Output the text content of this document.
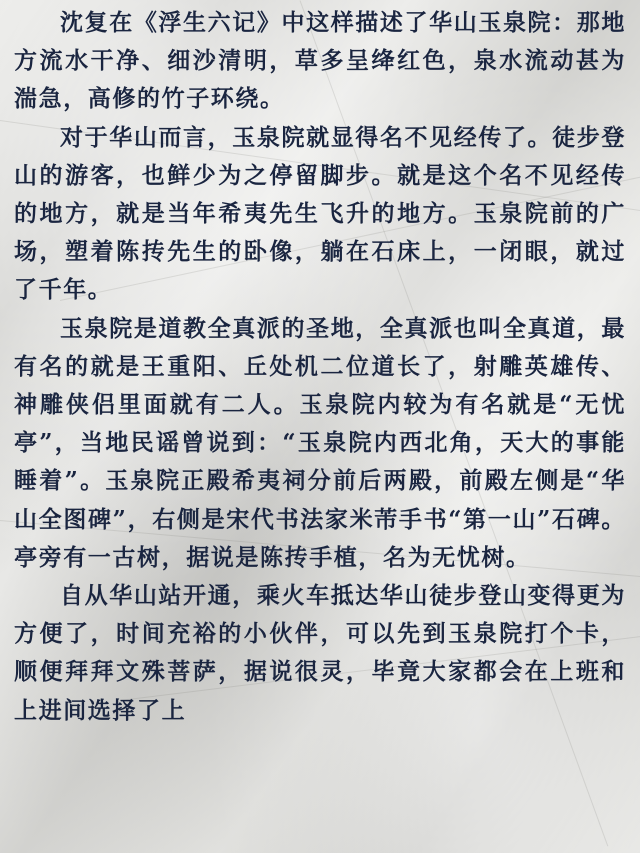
沈复在《浮生六记》中这样描述了华山玉泉院：那地方流水干净、细沙清明，草多呈绛红色，泉水流动甚为湍急，高修的竹子环绕。

对于华山而言，玉泉院就显得名不见经传了。徒步登山的游客，也鲜少为之停留脚步。就是这个名不见经传的地方，就是当年希夷先生飞升的地方。玉泉院前的广场，塑着陈抟先生的卧像，躺在石床上，一闭眼，就过了千年。

玉泉院是道教全真派的圣地，全真派也叫全真道，最有名的就是王重阳、丘处机二位道长了，射雕英雄传、神雕侠侣里面就有二人。玉泉院内较为有名就是“无忧亭”，当地民谣曾说到：“玉泉院内西北角，天大的事能睡着”。玉泉院正殿希夷祠分前后两殿，前殿左侧是“华山全图碑”，右侧是宋代书法家米芾手书“第一山”石碑。亭旁有一古树，据说是陈抟手植，名为无忧树。

自从华山站开通，乘火车抵达华山徒步登山变得更为方便了，时间充裕的小伙伴，可以先到玉泉院打个卡，顺便拜拜文殊菩萨，据说很灵，毕竟大家都会在上班和上进间选择了上
